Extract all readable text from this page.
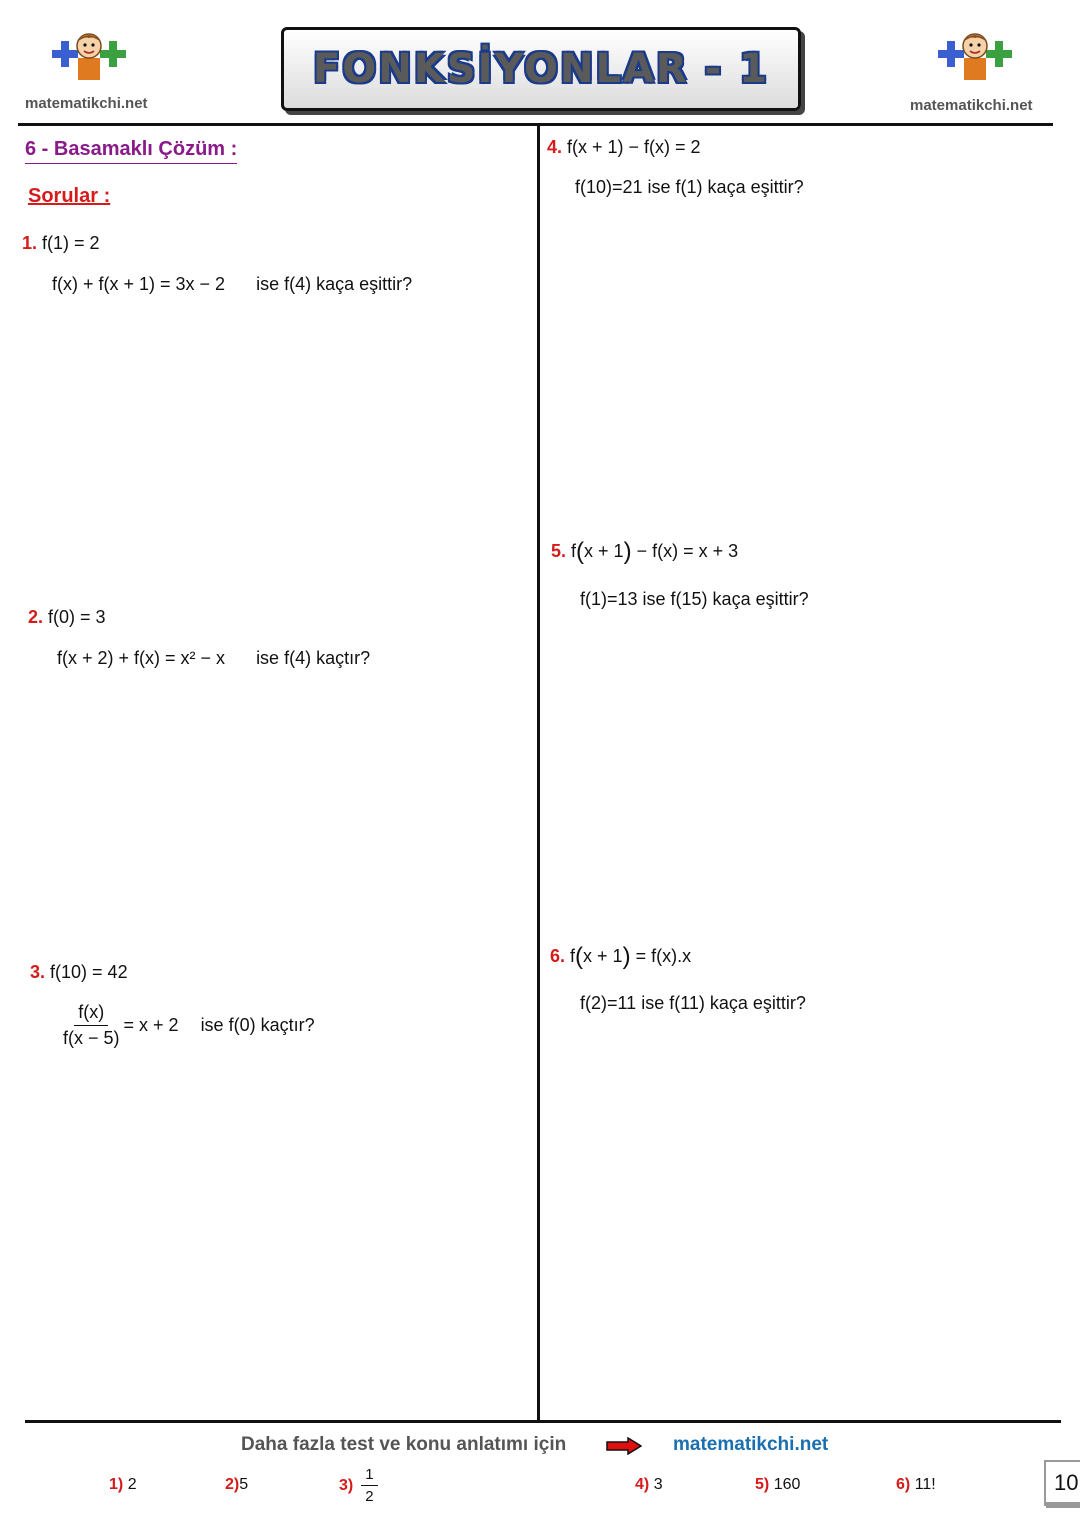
matematikchi.net	matematikchi.net
FONKSİYONLAR - 1
6 - Basamaklı Çözüm :
Sorular :
1. f(1) = 2
f(x) + f(x + 1) = 3x − 2 ise f(4) kaça eşittir?
2. f(0) = 3
f(x + 2) + f(x) = x² − x ise f(4) kaçtır?
3. f(10) = 42
$\frac{f(x)}{f(x - 5)} = x + 2$ ise f(0) kaçtır?
4. f(x + 1) − f(x) = 2
f(10)=21 ise f(1) kaça eşittir?
5. f(x + 1) − f(x) = x + 3
f(1)=13 ise f(15) kaça eşittir?
6. f(x + 1) = f(x).x
f(2)=11 ise f(11) kaça eşittir?
Daha fazla test ve konu anlatımı için	matematikchi.net
1) 2	2)5	$3) \frac{1}{2}$	4) 3	5) 160	6) 11!	10
